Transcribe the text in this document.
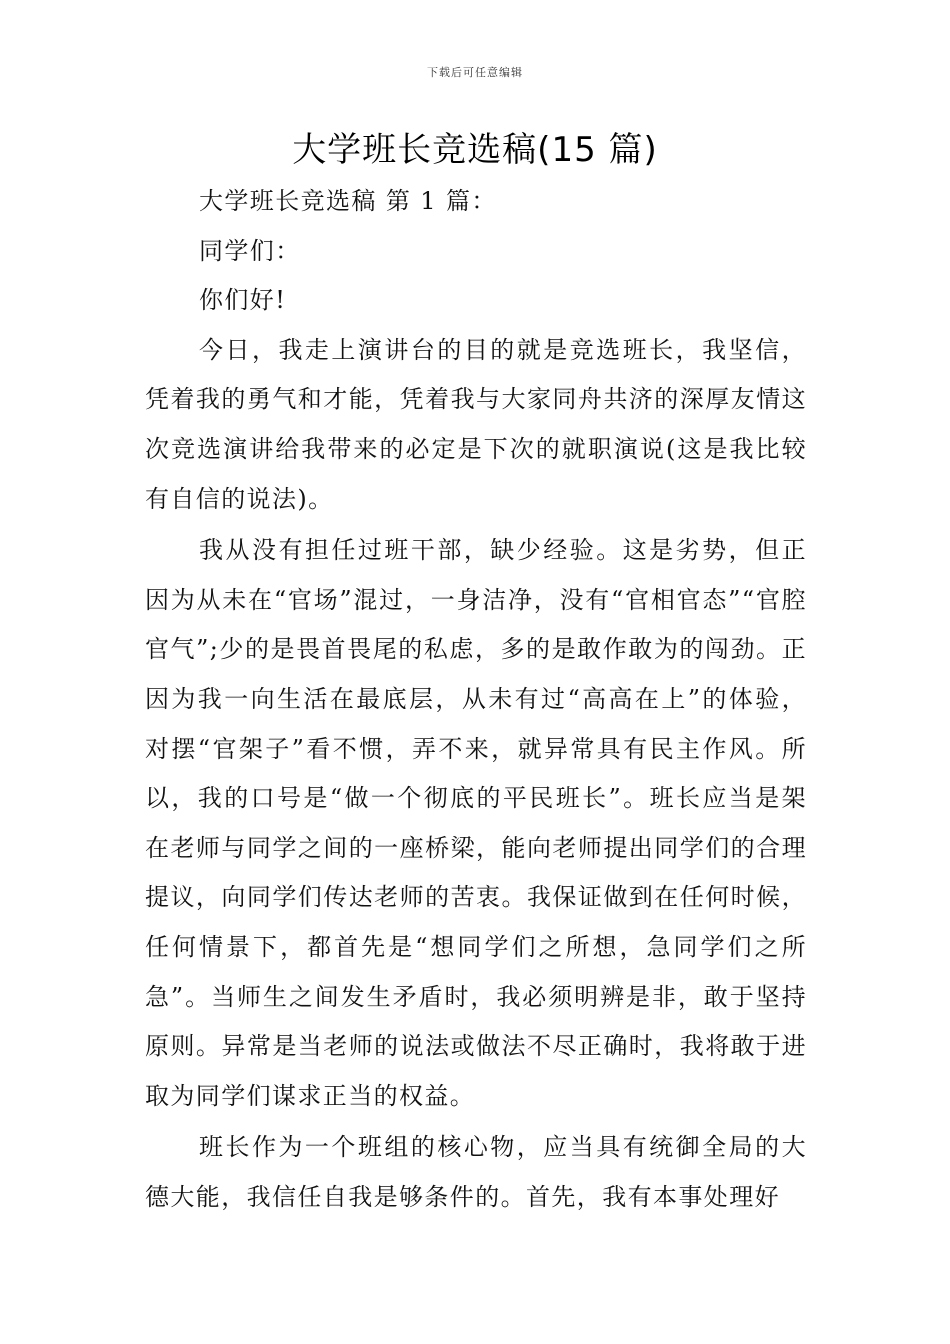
下载后可任意编辑
大学班长竞选稿(15 篇)

大学班长竞选稿 第 1 篇：

同学们：

你们好!

今日，我走上演讲台的目的就是竞选班长，我坚信，凭着我的勇气和才能，凭着我与大家同舟共济的深厚友情这次竞选演讲给我带来的必定是下次的就职演说(这是我比较有自信的说法)。

我从没有担任过班干部，缺少经验。这是劣势，但正因为从未在“官场”混过，一身洁净，没有“官相官态”“官腔官气”;少的是畏首畏尾的私虑，多的是敢作敢为的闯劲。正因为我一向生活在最底层，从未有过“高高在上”的体验，对摆“官架子”看不惯，弄不来，就异常具有民主作风。所以，我的口号是“做一个彻底的平民班长”。班长应当是架在老师与同学之间的一座桥梁，能向老师提出同学们的合理提议，向同学们传达老师的苦衷。我保证做到在任何时候，任何情景下，都首先是“想同学们之所想，急同学们之所急”。当师生之间发生矛盾时，我必须明辨是非，敢于坚持原则。异常是当老师的说法或做法不尽正确时，我将敢于进取为同学们谋求正当的权益。

班长作为一个班组的核心物，应当具有统御全局的大德大能，我信任自我是够条件的。首先，我有本事处理好
